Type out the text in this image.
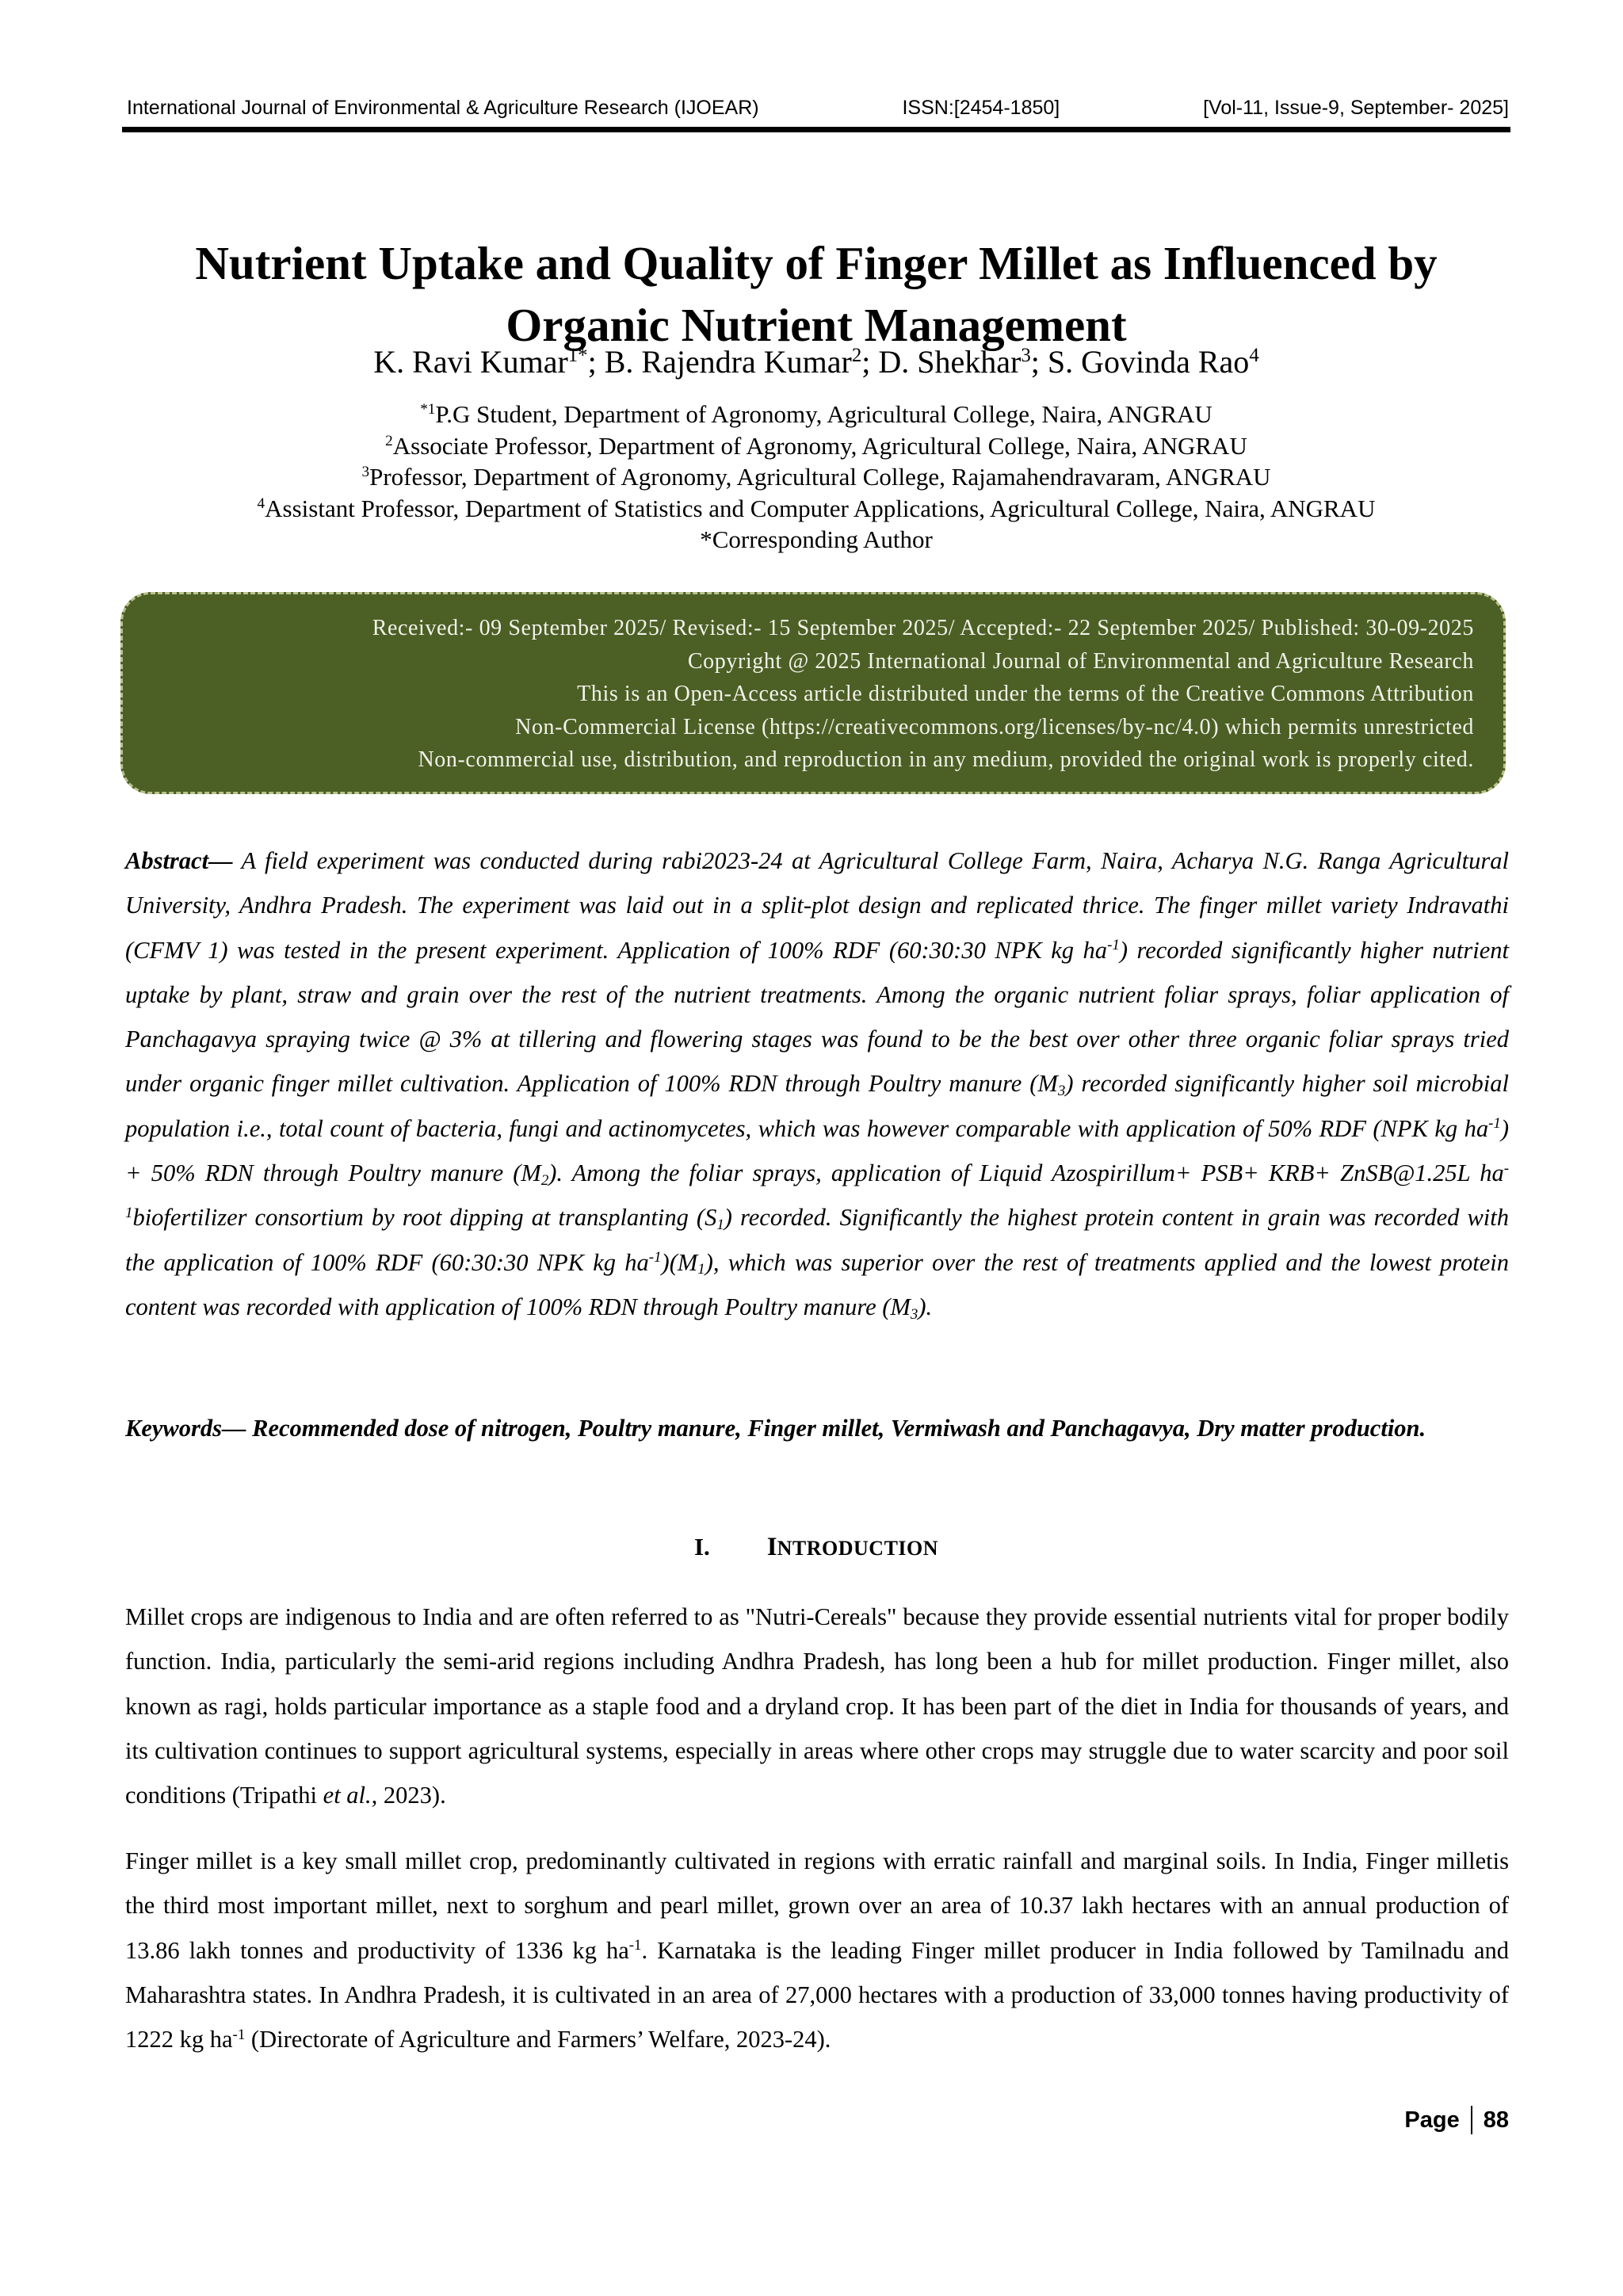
International Journal of Environmental & Agriculture Research (IJOEAR)	ISSN:[2454-1850]	[Vol-11, Issue-9, September- 2025]
Nutrient Uptake and Quality of Finger Millet as Influenced by
Organic Nutrient Management
K. Ravi Kumar$^{1*}$; B. Rajendra Kumar$^2$; D. Shekhar$^3$; S. Govinda Rao$^4$
$^{*1}$P.G Student, Department of Agronomy, Agricultural College, Naira, ANGRAU
$^2$Associate Professor, Department of Agronomy, Agricultural College, Naira, ANGRAU
$^3$Professor, Department of Agronomy, Agricultural College, Rajamahendravaram, ANGRAU
$^4$Assistant Professor, Department of Statistics and Computer Applications, Agricultural College, Naira, ANGRAU
*Corresponding Author
Received:- 09 September 2025/ Revised:- 15 September 2025/ Accepted:- 22 September 2025/ Published: 30-09-2025
Copyright @ 2025 International Journal of Environmental and Agriculture Research
This is an Open-Access article distributed under the terms of the Creative Commons Attribution
Non-Commercial License (https://creativecommons.org/licenses/by-nc/4.0) which permits unrestricted
Non-commercial use, distribution, and reproduction in any medium, provided the original work is properly cited.
Abstract— A field experiment was conducted during rabi2023-24 at Agricultural College Farm, Naira, Acharya N.G. Ranga Agricultural University, Andhra Pradesh. The experiment was laid out in a split-plot design and replicated thrice. The finger millet variety Indravathi (CFMV 1) was tested in the present experiment. Application of 100% RDF (60:30:30 NPK kg $ha^{-1}$) recorded significantly higher nutrient uptake by plant, straw and grain over the rest of the nutrient treatments. Among the organic nutrient foliar sprays, foliar application of Panchagavya spraying twice @ 3% at tillering and flowering stages was found to be the best over other three organic foliar sprays tried under organic finger millet cultivation. Application of 100% RDN through Poultry manure $(M_3)$ recorded significantly higher soil microbial population i.e., total count of bacteria, fungi and actinomycetes, which was however comparable with application of 50% RDF (NPK kg $ha^{-1}) + 50\%$ RDN through Poultry manure $(M_2)$. Among the foliar sprays, application of Liquid Azospirillum+ PSB+ KRB+ ZnSB@1.25L $ha^{-1}biofertilizer$ consortium by root dipping at transplanting $(S_1)$ recorded. Significantly the highest protein content in grain was recorded with the application of 100% RDF (60:30:30 NPK kg $ha^{-1})(M_1)$, which was superior over the rest of treatments applied and the lowest protein content was recorded with application of 100% RDN through Poultry manure $(M_3)$.
Keywords— Recommended dose of nitrogen, Poultry manure, Finger millet, Vermiwash and Panchagavya, Dry matter production.
I. INTRODUCTION
Millet crops are indigenous to India and are often referred to as "Nutri-Cereals" because they provide essential nutrients vital for proper bodily function. India, particularly the semi-arid regions including Andhra Pradesh, has long been a hub for millet production. Finger millet, also known as ragi, holds particular importance as a staple food and a dryland crop. It has been part of the diet in India for thousands of years, and its cultivation continues to support agricultural systems, especially in areas where other crops may struggle due to water scarcity and poor soil conditions (Tripathi et al., 2023).
Finger millet is a key small millet crop, predominantly cultivated in regions with erratic rainfall and marginal soils. In India, Finger milletis the third most important millet, next to sorghum and pearl millet, grown over an area of 10.37 lakh hectares with an annual production of 13.86 lakh tonnes and productivity of 1336 kg $ha^{-1}$. Karnataka is the leading Finger millet producer in India followed by Tamilnadu and Maharashtra states. In Andhra Pradesh, it is cultivated in an area of 27,000 hectares with a production of 33,000 tonnes having productivity of 1222 kg $ha^{-1}$ (Directorate of Agriculture and Farmers’ Welfare, 2023-24).
Page 88
